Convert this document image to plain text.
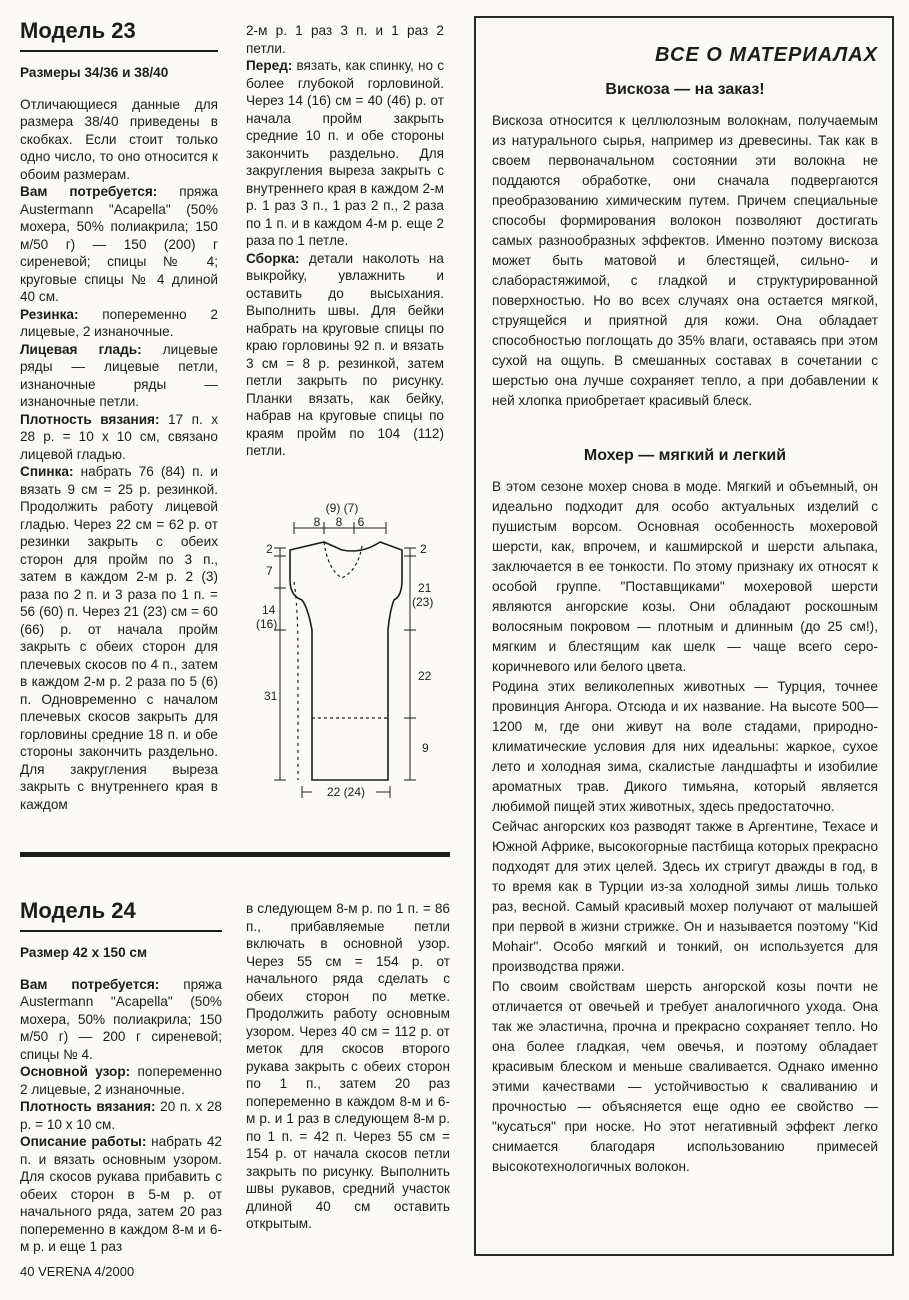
Модель 23
Размеры 34/36 и 38/40

Отличающиеся данные для размера 38/40 приведены в скобках. Если стоит только одно число, то оно относится к обоим размерам.

Вам потребуется: пряжа Austermann "Acapella" (50% мохера, 50% полиакрила; 150 м/50 г) — 150 (200) г сиреневой; спицы № 4; круговые спицы № 4 длиной 40 см.

Резинка: попеременно 2 лицевые, 2 изнаночные.

Лицевая гладь: лицевые ряды — лицевые петли, изнаночные ряды — изнаночные петли.

Плотность вязания: 17 п. х 28 р. = 10 х 10 см, связано лицевой гладью.

Спинка: набрать 76 (84) п. и вязать 9 см = 25 р. резинкой. Продолжить работу лицевой гладью. Через 22 см = 62 р. от резинки закрыть с обеих сторон для пройм по 3 п., затем в каждом 2-м р. 2 (3) раза по 2 п. и 3 раза по 1 п. = 56 (60) п. Через 21 (23) см = 60 (66) р. от начала пройм закрыть с обеих сторон для плечевых скосов по 4 п., затем в каждом 2-м р. 2 раза по 5 (6) п. Одновременно с началом плечевых скосов закрыть для горловины средние 18 п. и обе стороны закончить раздельно. Для закругления выреза закрыть с внутреннего края в каждом

2-м р. 1 раз 3 п. и 1 раз 2 петли.

Перед: вязать, как спинку, но с более глубокой горловиной. Через 14 (16) см = 40 (46) р. от начала пройм закрыть средние 10 п. и обе стороны закончить раздельно. Для закругления выреза закрыть с внутреннего края в каждом 2-м р. 1 раз 3 п., 1 раз 2 п., 2 раза по 1 п. и в каждом 4-м р. еще 2 раза по 1 петле.

Сборка: детали наколоть на выкройку, увлажнить и оставить до высыхания. Выполнить швы. Для бейки набрать на круговые спицы по краю горловины 92 п. и вязать 3 см = 8 р. резинкой, затем петли закрыть по рисунку. Планки вязать, как бейку, набрав на круговые спицы по краям пройм по 104 (112) петли.

(9) (7)
8 8 6
2
7
14
(16)
31
2
21
(23)
22
9
22 (24)
Модель 24
Размер 42 х 150 см

Вам потребуется: пряжа Austermann "Acapella" (50% мохера, 50% полиакрила; 150 м/50 г) — 200 г сиреневой; спицы № 4.

Основной узор: попеременно 2 лицевые, 2 изнаночные.

Плотность вязания: 20 п. х 28 р. = 10 х 10 см.

Описание работы: набрать 42 п. и вязать основным узором. Для скосов рукава прибавить с обеих сторон в 5-м р. от начального ряда, затем 20 раз попеременно в каждом 8-м и 6-м р. и еще 1 раз

в следующем 8-м р. по 1 п. = 86 п., прибавляемые петли включать в основной узор. Через 55 см = 154 р. от начального ряда сделать с обеих сторон по метке. Продолжить работу основным узором. Через 40 см = 112 р. от меток для скосов второго рукава закрыть с обеих сторон по 1 п., затем 20 раз попеременно в каждом 8-м и 6-м р. и 1 раз в следующем 8-м р. по 1 п. = 42 п. Через 55 см = 154 р. от начала скосов петли закрыть по рисунку. Выполнить швы рукавов, средний участок длиной 40 см оставить открытым.
ВСЕ О МАТЕРИАЛАХ
Вискоза — на заказ!
Вискоза относится к целлюлозным волокнам, получаемым из натурального сырья, например из древесины. Так как в своем первоначальном состоянии эти волокна не поддаются обработке, они сначала подвергаются преобразованию химическим путем. Причем специальные способы формирования волокон позволяют достигать самых разнообразных эффектов. Именно поэтому вискоза может быть матовой и блестящей, сильно- и слаборастяжимой, с гладкой и структурированной поверхностью. Но во всех случаях она остается мягкой, струящейся и приятной для кожи. Она обладает способностью поглощать до 35% влаги, оставаясь при этом сухой на ощупь. В смешанных составах в сочетании с шерстью она лучше сохраняет тепло, а при добавлении к ней хлопка приобретает красивый блеск.
Мохер — мягкий и легкий

В этом сезоне мохер снова в моде. Мягкий и объемный, он идеально подходит для особо актуальных изделий с пушистым ворсом. Основная особенность мохеровой шерсти, как, впрочем, и кашмирской и шерсти альпака, заключается в ее тонкости. По этому признаку их относят к особой группе. "Поставщиками" мохеровой шерсти являются ангорские козы. Они обладают роскошным волосяным покровом — плотным и длинным (до 25 см!), мягким и блестящим как шелк — чаще всего серо-коричневого или белого цвета.

Родина этих великолепных животных — Турция, точнее провинция Ангора. Отсюда и их название. На высоте 500—1200 м, где они живут на воле стадами, природно-климатические условия для них идеальны: жаркое, сухое лето и холодная зима, скалистые ландшафты и изобилие ароматных трав. Дикого тимьяна, который является любимой пищей этих животных, здесь предостаточно.

Сейчас ангорских коз разводят также в Аргентине, Техасе и Южной Африке, высокогорные пастбища которых прекрасно подходят для этих целей. Здесь их стригут дважды в год, в то время как в Турции из-за холодной зимы лишь только раз, весной. Самый красивый мохер получают от малышей при первой в жизни стрижке. Он и называется поэтому "Kid Mohair". Особо мягкий и тонкий, он используется для производства пряжи.

По своим свойствам шерсть ангорской козы почти не отличается от овечьей и требует аналогичного ухода. Она так же эластична, прочна и прекрасно сохраняет тепло. Но она более гладкая, чем овечья, и поэтому обладает красивым блеском и меньше сваливается. Однако именно этими качествами — устойчивостью к сваливанию и прочностью — объясняется еще одно ее свойство — "кусаться" при носке. Но этот негативный эффект легко снимается благодаря использованию примесей высокотехнологичных волокон.

40 VERENA 4/2000
